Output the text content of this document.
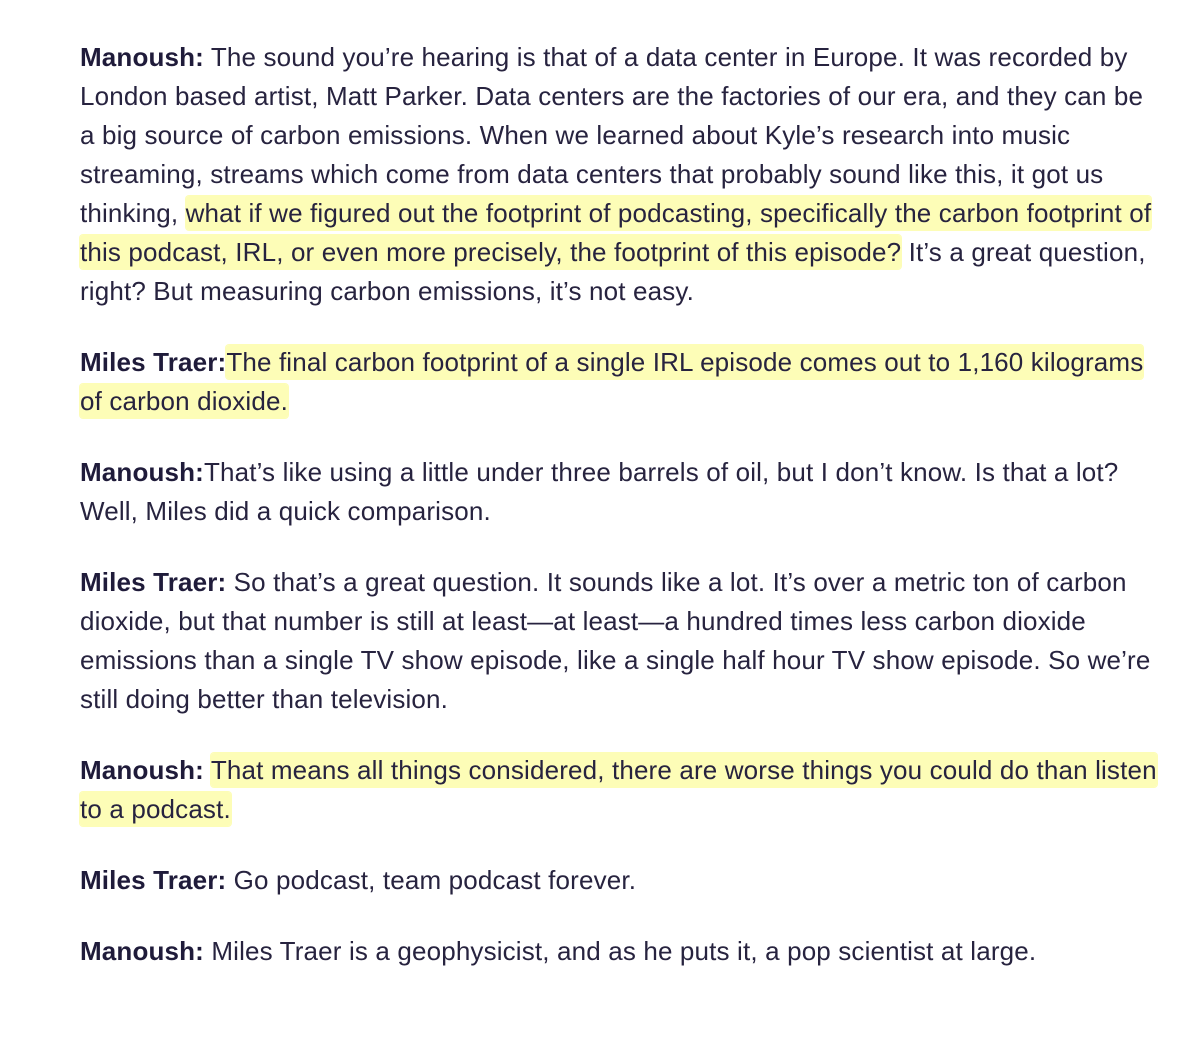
Manoush: The sound you’re hearing is that of a data center in Europe. It was recorded by London based artist, Matt Parker. Data centers are the factories of our era, and they can be a big source of carbon emissions. When we learned about Kyle’s research into music streaming, streams which come from data centers that probably sound like this, it got us thinking, what if we figured out the footprint of podcasting, specifically the carbon footprint of this podcast, IRL, or even more precisely, the footprint of this episode? It’s a great question, right? But measuring carbon emissions, it’s not easy.

Miles Traer:The final carbon footprint of a single IRL episode comes out to 1,160 kilograms of carbon dioxide.

Manoush:That’s like using a little under three barrels of oil, but I don’t know. Is that a lot? Well, Miles did a quick comparison.

Miles Traer: So that’s a great question. It sounds like a lot. It’s over a metric ton of carbon dioxide, but that number is still at least—at least—a hundred times less carbon dioxide emissions than a single TV show episode, like a single half hour TV show episode. So we’re still doing better than television.

Manoush: That means all things considered, there are worse things you could do than listen to a podcast.

Miles Traer: Go podcast, team podcast forever.

Manoush: Miles Traer is a geophysicist, and as he puts it, a pop scientist at large.
